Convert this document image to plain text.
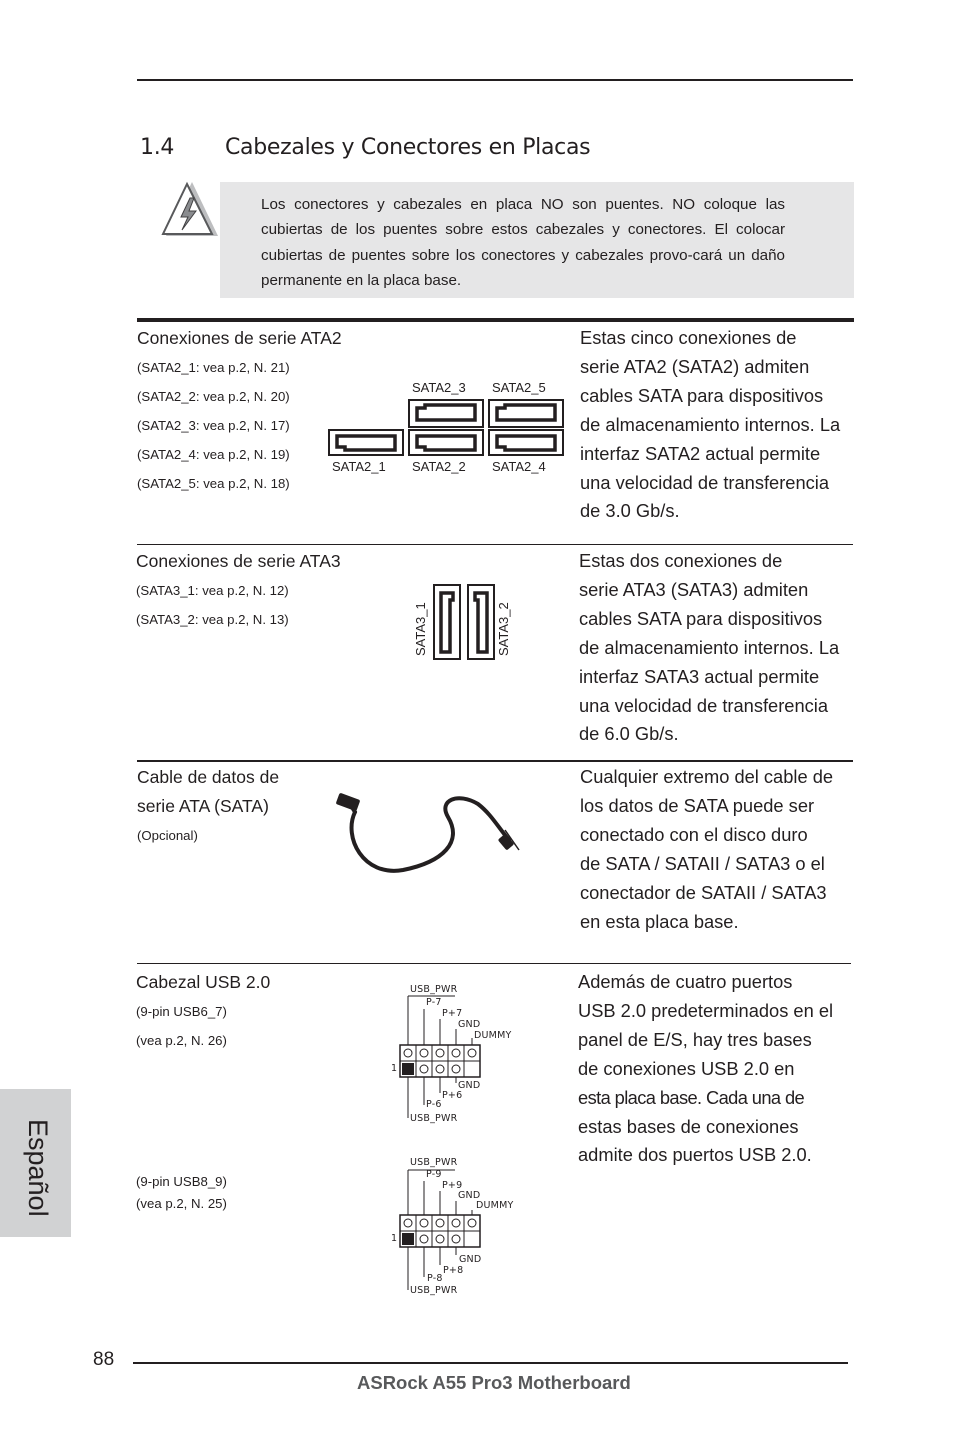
1.4 Cabezales y Conectores en Placas
Los conectores y cabezales en placa NO son puentes. NO coloque las cubiertas de los puentes sobre estos cabezales y conectores. El colocar cubiertas de puentes sobre los conectores y cabezales provo-cará un daño permanente en la placa base.
Conexiones de serie ATA2
(SATA2_1: vea p.2, N. 21)
(SATA2_2: vea p.2, N. 20)
(SATA2_3: vea p.2, N. 17)
(SATA2_4: vea p.2, N. 19)
(SATA2_5: vea p.2, N. 18)
SATA2_3 SATA2_5
SATA2_1 SATA2_2 SATA2_4
Estas cinco conexiones de
serie ATA2 (SATA2) admiten
cables SATA para dispositivos
de almacenamiento internos. La
interfaz SATA2 actual permite
una velocidad de transferencia
de 3.0 Gb/s.
Conexiones de serie ATA3
(SATA3_1: vea p.2, N. 12)
(SATA3_2: vea p.2, N. 13)	SATA3_1	SATA3_2
Estas dos conexiones de
serie ATA3 (SATA3) admiten
cables SATA para dispositivos
de almacenamiento internos. La
interfaz SATA3 actual permite
una velocidad de transferencia
de 6.0 Gb/s.
Cable de datos de
serie ATA (SATA)
(Opcional)
Cualquier extremo del cable de
los datos de SATA puede ser
conectado con el disco duro
de SATA / SATAII / SATA3 o el
conectador de SATAII / SATA3
en esta placa base.
Cabezal USB 2.0
(9-pin USB6_7)
(vea p.2, N. 26)
(9-pin USB8_9)
(vea p.2, N. 25)
USB_PWR
P-7
P+7
GND
DUMMY
1
GND
P+6
P-6
USB_PWR
USB_PWR
P-9
P+9
GND
DUMMY
1
GND
P+8
P-8
USB_PWR
Además de cuatro puertos
USB 2.0 predeterminados en el
panel de E/S, hay tres bases
de conexiones USB 2.0 en
esta placa base. Cada una de
estas bases de conexiones
admite dos puertos USB 2.0.
Español
88
ASRock A55 Pro3 Motherboard
